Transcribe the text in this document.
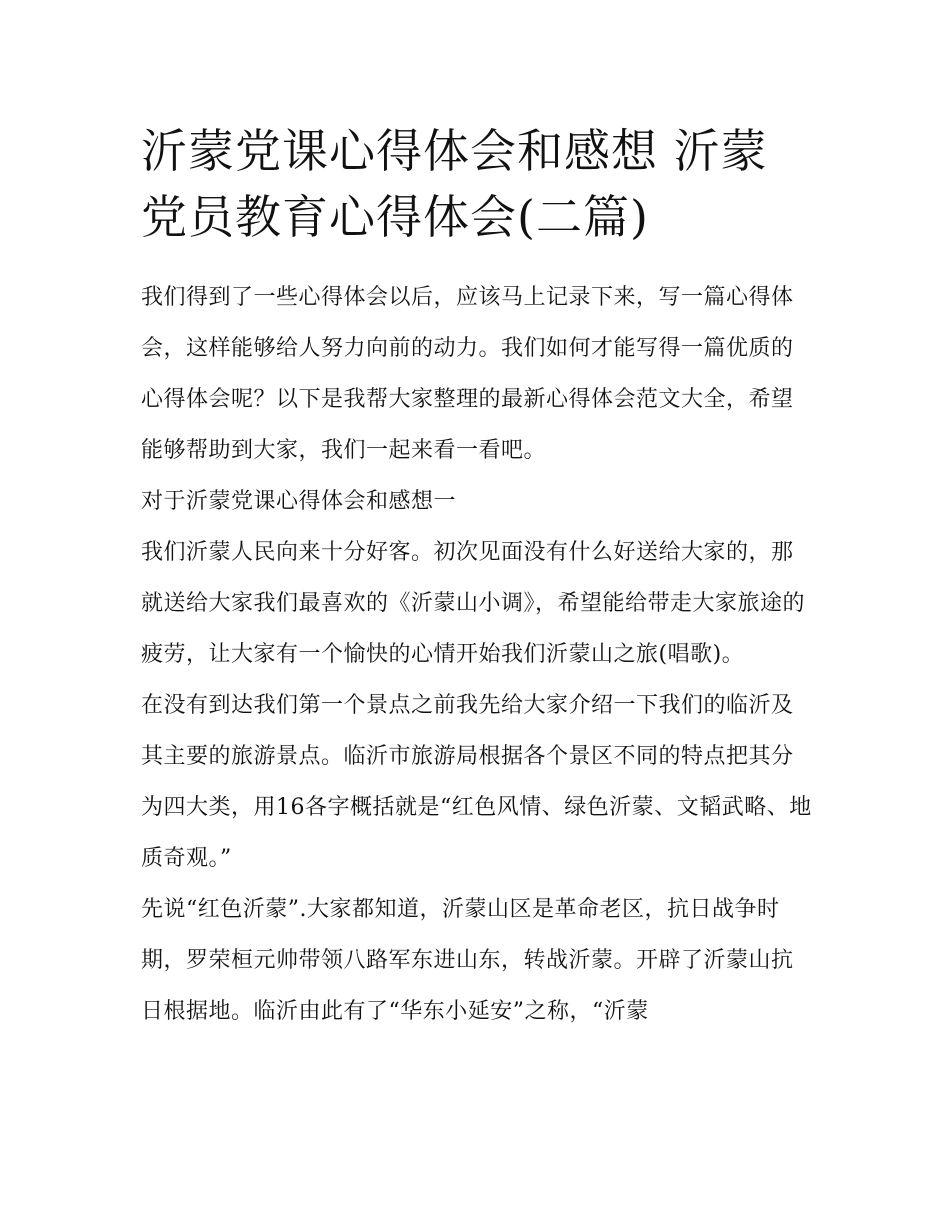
沂蒙党课心得体会和感想 沂蒙党员教育心得体会(二篇)

我们得到了一些心得体会以后，应该马上记录下来，写一篇心得体会，这样能够给人努力向前的动力。我们如何才能写得一篇优质的心得体会呢？以下是我帮大家整理的最新心得体会范文大全，希望能够帮助到大家，我们一起来看一看吧。

对于沂蒙党课心得体会和感想一

我们沂蒙人民向来十分好客。初次见面没有什么好送给大家的，那就送给大家我们最喜欢的《沂蒙山小调》，希望能给带走大家旅途的疲劳，让大家有一个愉快的心情开始我们沂蒙山之旅(唱歌)。

在没有到达我们第一个景点之前我先给大家介绍一下我们的临沂及其主要的旅游景点。临沂市旅游局根据各个景区不同的特点把其分为四大类，用16各字概括就是“红色风情、绿色沂蒙、文韬武略、地质奇观。”

先说“红色沂蒙”.大家都知道，沂蒙山区是革命老区，抗日战争时期，罗荣桓元帅带领八路军东进山东，转战沂蒙。开辟了沂蒙山抗日根据地。临沂由此有了“华东小延安”之称，“沂蒙
